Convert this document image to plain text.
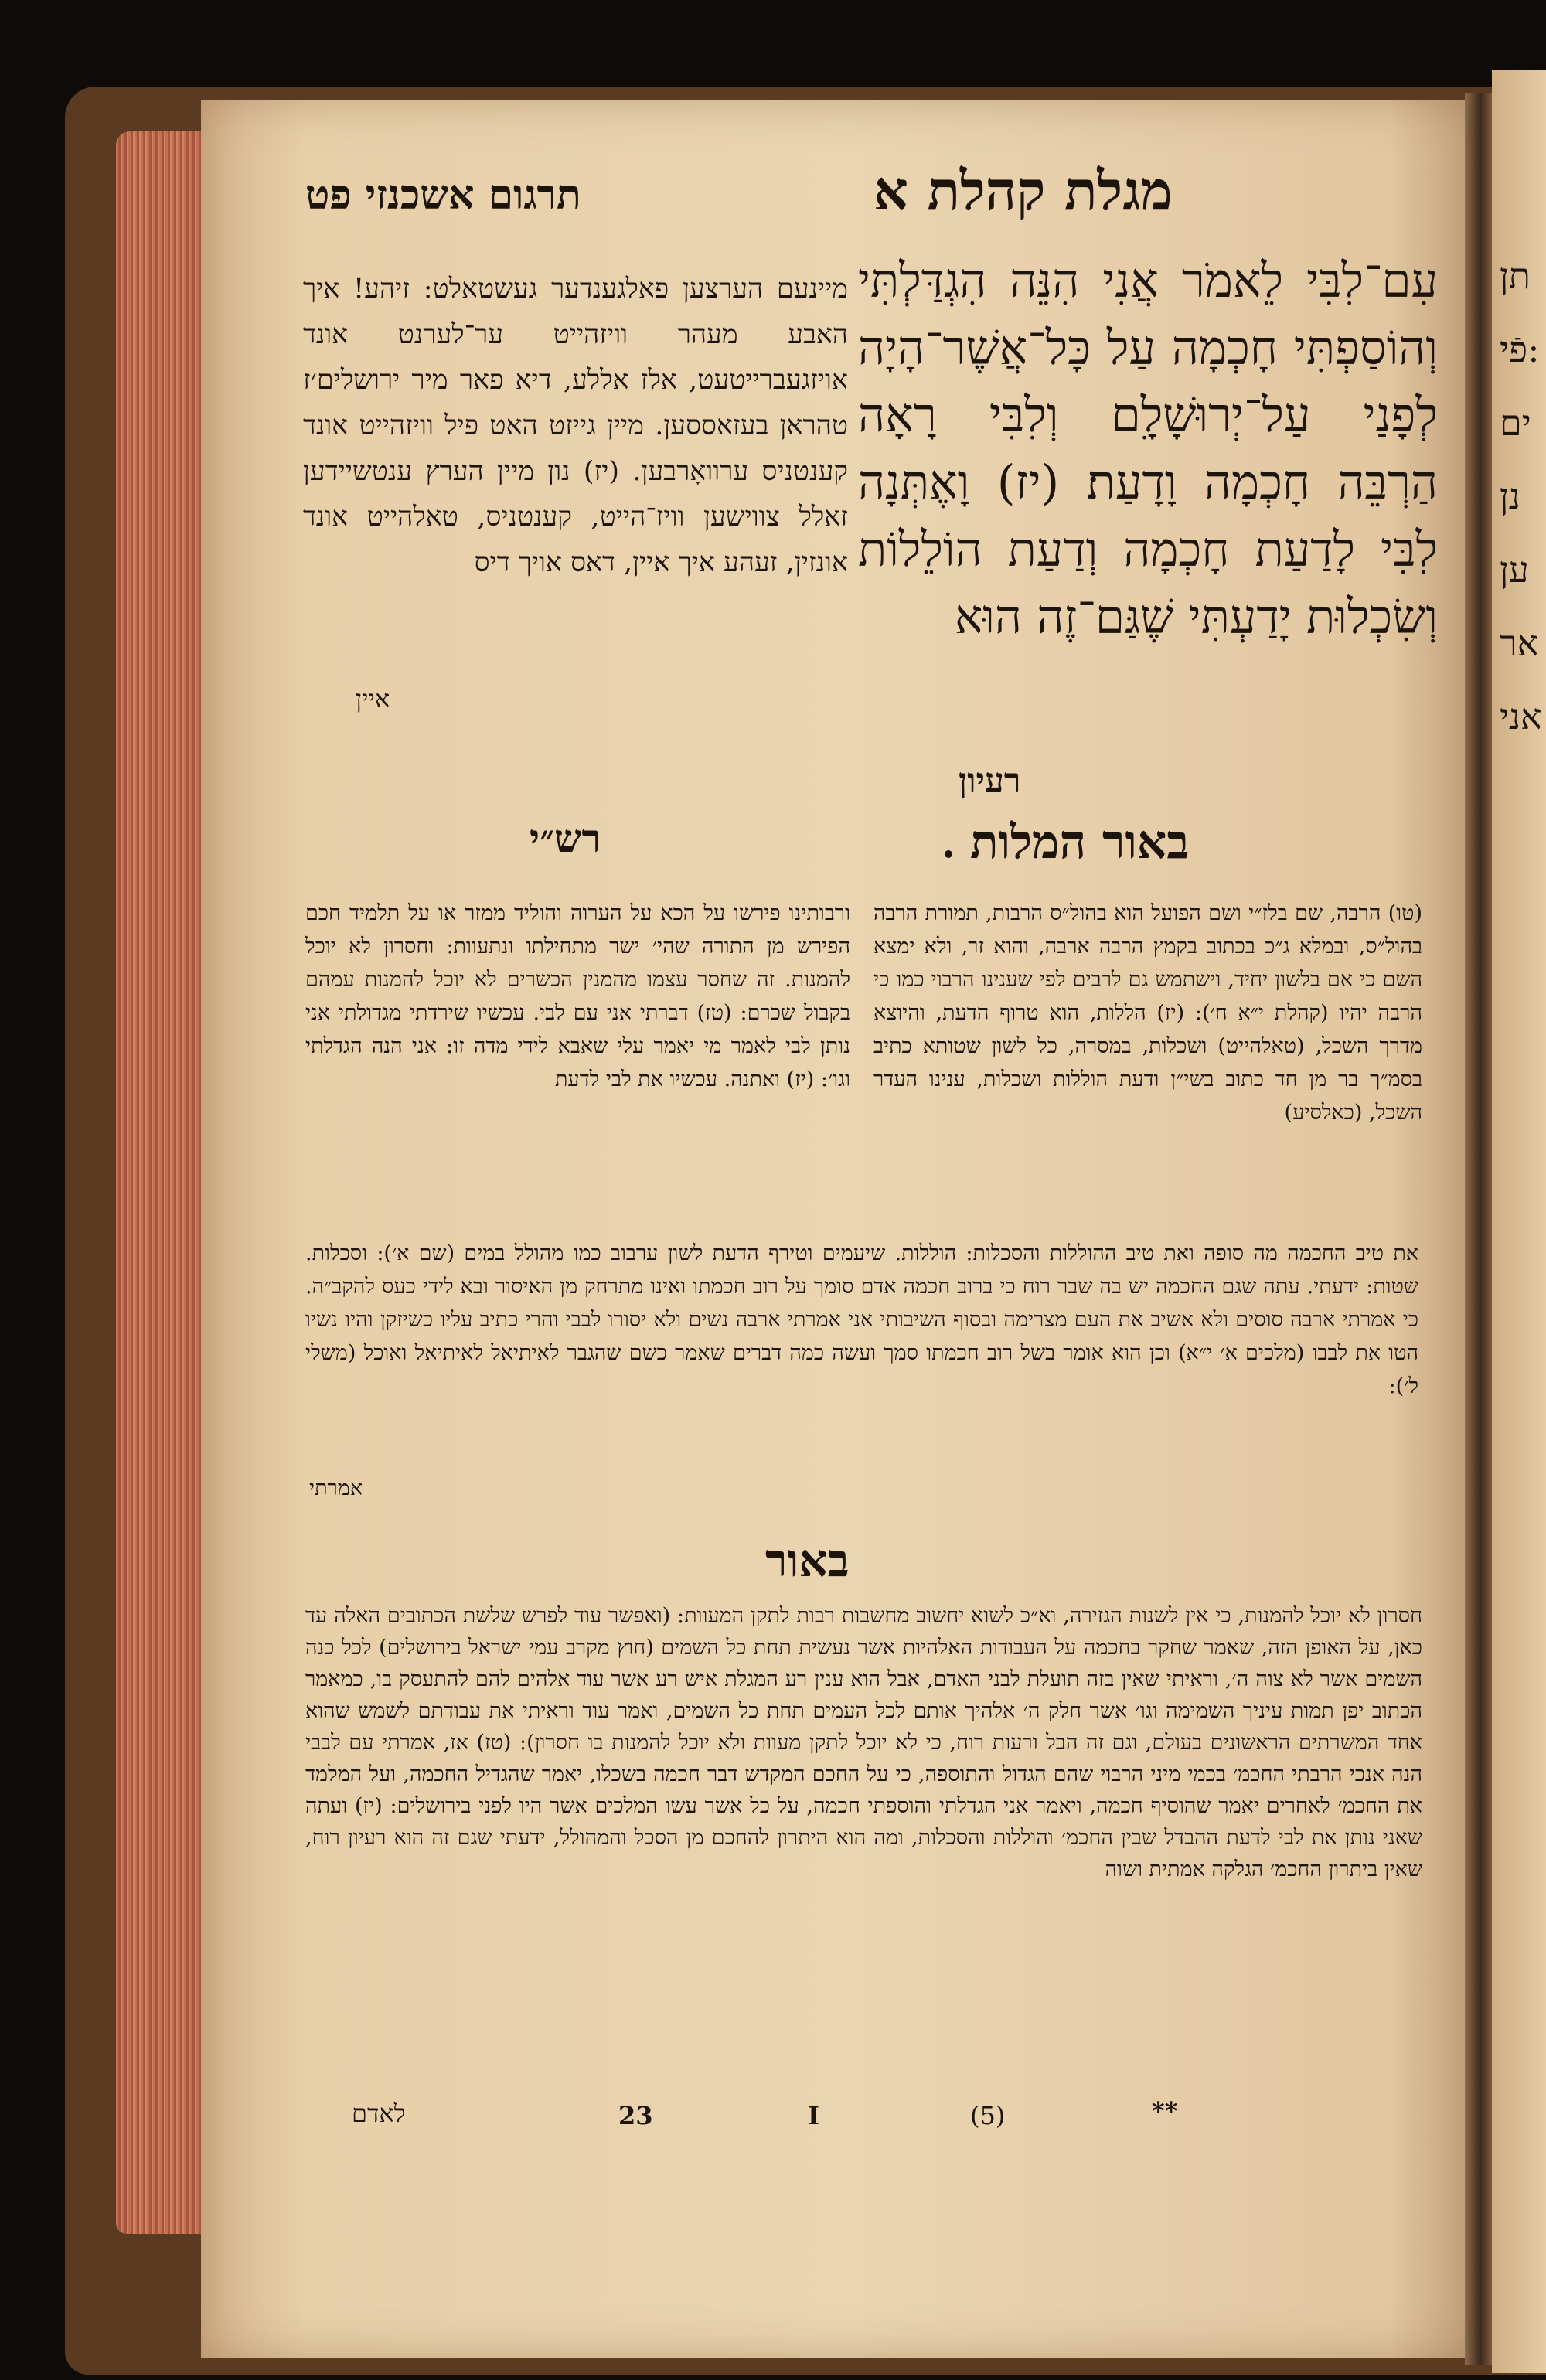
מגלת קהלת א
תרגום אשכנזי פט
עִם־לִבִּי לֵאמֹר אֲנִי הִנֵּה הִגְדַּלְתִּי וְהוֹסַפְתִּי חָכְמָה עַל כָּל־אֲשֶׁר־הָיָה לְפָנַי עַל־יְרוּשָׁלִָם וְלִבִּי רָאָה הַרְבֵּה חָכְמָה וָדָעַת׃ (יז) וָאֶתְּנָה לִבִּי לָדַעַת חָכְמָה וְדַעַת הוֹלֵלוֹת וְשִׂכְלוּת יָדַעְתִּי שֶׁגַּם־זֶה הוּא
רעיון
מיינעם הערצען פאלגענדער געשטאלט: זיהע! איך האבע מעהר וויזהייט ער־לערנט אונד אויזגעברייטעט, אלז אללע, דיא פאר מיר ירושלים׳ז טהראן בעזאססען. מיין גייזט האט פיל וויזהייט אונד קענטניס ערוואָרבען. (יז) נון מיין הערץ ענטשיידען זאלל צווישען וויז־הייט, קענטניס, טאלהייט אונד אונזין, זעהע איך איין, דאס אויך דיס
איין
באור המלות
רש״י
(טו) הרבה, שם בלז״י ושם הפועל הוא בהול״ס הרבות, תמורת הרבה בהול״ס, ובמלא ג״כ בכתוב בקמץ הרבה ארבה, והוא זר, ולא ימצא השם כי אם בלשון יחיד, וישתמש גם לרבים לפי שענינו הרבוי כמו כי הרבה יהיו (קהלת י״א ח׳): (יז) הללות, הוא טרוף הדעת, והיוצא מדרך השכל, (טאלהייט) ושכלות, במסרה, כל לשון שטותא כתיב בסמ״ך בר מן חד כתוב בשי״ן ודעת הוללות ושכלות, ענינו העדר השכל, (כאלסיע)
ורבותינו פירשו על הכא על הערוה והוליד ממזר או על תלמיד חכם הפירש מן התורה שהי׳ ישר מתחילתו ונתעוות: וחסרון לא יוכל להמנות. זה שחסר עצמו מהמנין הכשרים לא יוכל להמנות עמהם בקבול שכרם: (טז) דברתי אני עם לבי. עכשיו שירדתי מגדולתי אני נותן לבי לאמר מי יאמר עלי שאבא לידי מדה זו: אני הנה הגדלתי וגו׳: (יז) ואתנה. עכשיו את לבי לדעת
את טיב החכמה מה סופה ואת טיב ההוללות והסכלות: הוללות. שיעמים וטירף הדעת לשון ערבוב כמו מהולל במים (שם א׳): וסכלות. שטות: ידעתי. עתה שגם החכמה יש בה שבר רוח כי ברוב חכמה אדם סומך על רוב חכמתו ואינו מתרחק מן האיסור ובא לידי כעס להקב״ה. כי אמרתי ארבה סוסים ולא אשיב את העם מצרימה ובסוף השיבותי אני אמרתי ארבה נשים ולא יסורו לבבי והרי כתיב עליו כשיזקן והיו נשיו הטו את לבבו (מלכים א׳ י״א) וכן הוא אומר בשל רוב חכמתו סמך ועשה כמה דברים שאמר כשם שהגבר לאיתיאל לאיתיאל ואוכל (משלי ל׳):
אמרתי
באור
חסרון לא יוכל להמנות, כי אין לשנות הגזירה, וא״כ לשוא יחשוב מחשבות רבות לתקן המעוות: (ואפשר עוד לפרש שלשת הכתובים האלה עד כאן, על האופן הזה, שאמר שחקר בחכמה על העבודות האלהיות אשר נעשית תחת כל השמים (חוץ מקרב עמי ישראל בירושלים) לכל כנה השמים אשר לא צוה ה׳, וראיתי שאין בזה תועלת לבני האדם, אבל הוא ענין רע המגלת איש רע אשר עוד אלהים להם להתעסק בו, כמאמר הכתוב יפן תמות עיניך השמימה וגו׳ אשר חלק ה׳ אלהיך אותם לכל העמים תחת כל השמים, ואמר עוד וראיתי את עבודתם לשמש שהוא אחד המשרתים הראשונים בעולם, וגם זה הבל ורעות רוח, כי לא יוכל לתקן מעוות ולא יוכל להמנות בו חסרון): (טז) אז, אמרתי עם לבבי הנה אנכי הרבתי החכמ׳ בכמי מיני הרבוי שהם הגדול והתוספה, כי על החכם המקדש דבר חכמה בשכלו, יאמר שהגדיל החכמה, ועל המלמד את החכמ׳ לאחרים יאמר שהוסיף חכמה, ויאמר אני הגדלתי והוספתי חכמה, על כל אשר עשו המלכים אשר היו לפני בירושלים: (יז) ועתה שאני נותן את לבי לדעת ההבדל שבין החכמ׳ והוללות והסכלות, ומה הוא היתרון להחכם מן הסכל והמהולל, ידעתי שגם זה הוא רעיון רוח, שאין ביתרון החכמ׳ הגלקה אמתית ושוה
לאדם	23	I	(5)	**
תן
פֿי:
ים
נן
ען
אר
אני
